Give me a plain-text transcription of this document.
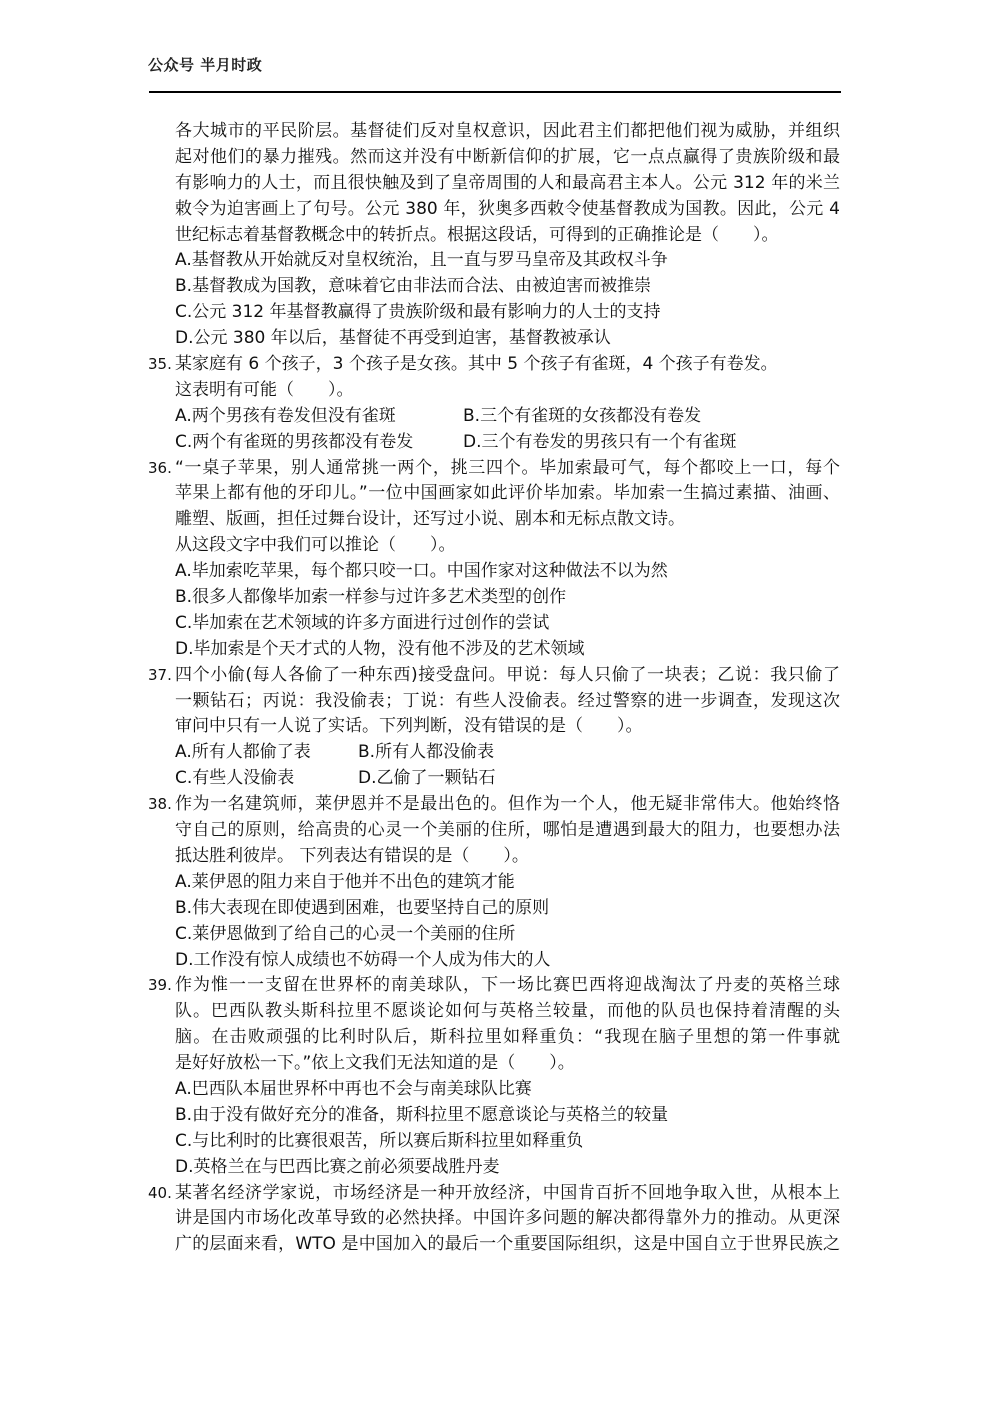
公众号 半月时政
各大城市的平民阶层。基督徒们反对皇权意识，因此君主们都把他们视为威胁，并组织
起对他们的暴力摧残。然而这并没有中断新信仰的扩展，它一点点赢得了贵族阶级和最
有影响力的人士，而且很快触及到了皇帝周围的人和最高君主本人。公元 312 年的米兰
敕令为迫害画上了句号。公元 380 年，狄奥多西敕令使基督教成为国教。因此，公元 4
世纪标志着基督教概念中的转折点。根据这段话，可得到的正确推论是（　　）。
A.基督教从开始就反对皇权统治，且一直与罗马皇帝及其政权斗争
B.基督教成为国教，意味着它由非法而合法、由被迫害而被推崇
C.公元 312 年基督教赢得了贵族阶级和最有影响力的人士的支持
D.公元 380 年以后，基督徒不再受到迫害，基督教被承认
35. 某家庭有 6 个孩子，3 个孩子是女孩。其中 5 个孩子有雀斑，4 个孩子有卷发。
这表明有可能（　　）。
A.两个男孩有卷发但没有雀斑	B.三个有雀斑的女孩都没有卷发
C.两个有雀斑的男孩都没有卷发	D.三个有卷发的男孩只有一个有雀斑
36. “一桌子苹果，别人通常挑一两个，挑三四个。毕加索最可气，每个都咬上一口，每个
苹果上都有他的牙印儿。”一位中国画家如此评价毕加索。毕加索一生搞过素描、油画、
雕塑、版画，担任过舞台设计，还写过小说、剧本和无标点散文诗。
从这段文字中我们可以推论（　　）。
A.毕加索吃苹果，每个都只咬一口。中国作家对这种做法不以为然
B.很多人都像毕加索一样参与过许多艺术类型的创作
C.毕加索在艺术领域的许多方面进行过创作的尝试
D.毕加索是个天才式的人物，没有他不涉及的艺术领域
37. 四个小偷(每人各偷了一种东西)接受盘问。甲说：每人只偷了一块表；乙说：我只偷了
一颗钻石；丙说：我没偷表；丁说：有些人没偷表。经过警察的进一步调查，发现这次
审问中只有一人说了实话。下列判断，没有错误的是（　　）。
A.所有人都偷了表	B.所有人都没偷表
C.有些人没偷表	D.乙偷了一颗钻石
38. 作为一名建筑师，莱伊恩并不是最出色的。但作为一个人，他无疑非常伟大。他始终恪
守自己的原则，给高贵的心灵一个美丽的住所，哪怕是遭遇到最大的阻力，也要想办法
抵达胜利彼岸。 下列表达有错误的是（　　）。
A.莱伊恩的阻力来自于他并不出色的建筑才能
B.伟大表现在即使遇到困难，也要坚持自己的原则
C.莱伊恩做到了给自己的心灵一个美丽的住所
D.工作没有惊人成绩也不妨碍一个人成为伟大的人
39. 作为惟一一支留在世界杯的南美球队，下一场比赛巴西将迎战淘汰了丹麦的英格兰球
队。巴西队教头斯科拉里不愿谈论如何与英格兰较量，而他的队员也保持着清醒的头
脑。在击败顽强的比利时队后，斯科拉里如释重负：“我现在脑子里想的第一件事就
是好好放松一下。”依上文我们无法知道的是（　　）。
A.巴西队本届世界杯中再也不会与南美球队比赛
B.由于没有做好充分的准备，斯科拉里不愿意谈论与英格兰的较量
C.与比利时的比赛很艰苦，所以赛后斯科拉里如释重负
D.英格兰在与巴西比赛之前必须要战胜丹麦
40. 某著名经济学家说，市场经济是一种开放经济，中国肯百折不回地争取入世，从根本上
讲是国内市场化改革导致的必然抉择。中国许多问题的解决都得靠外力的推动。从更深
广的层面来看，WTO 是中国加入的最后一个重要国际组织，这是中国自立于世界民族之
